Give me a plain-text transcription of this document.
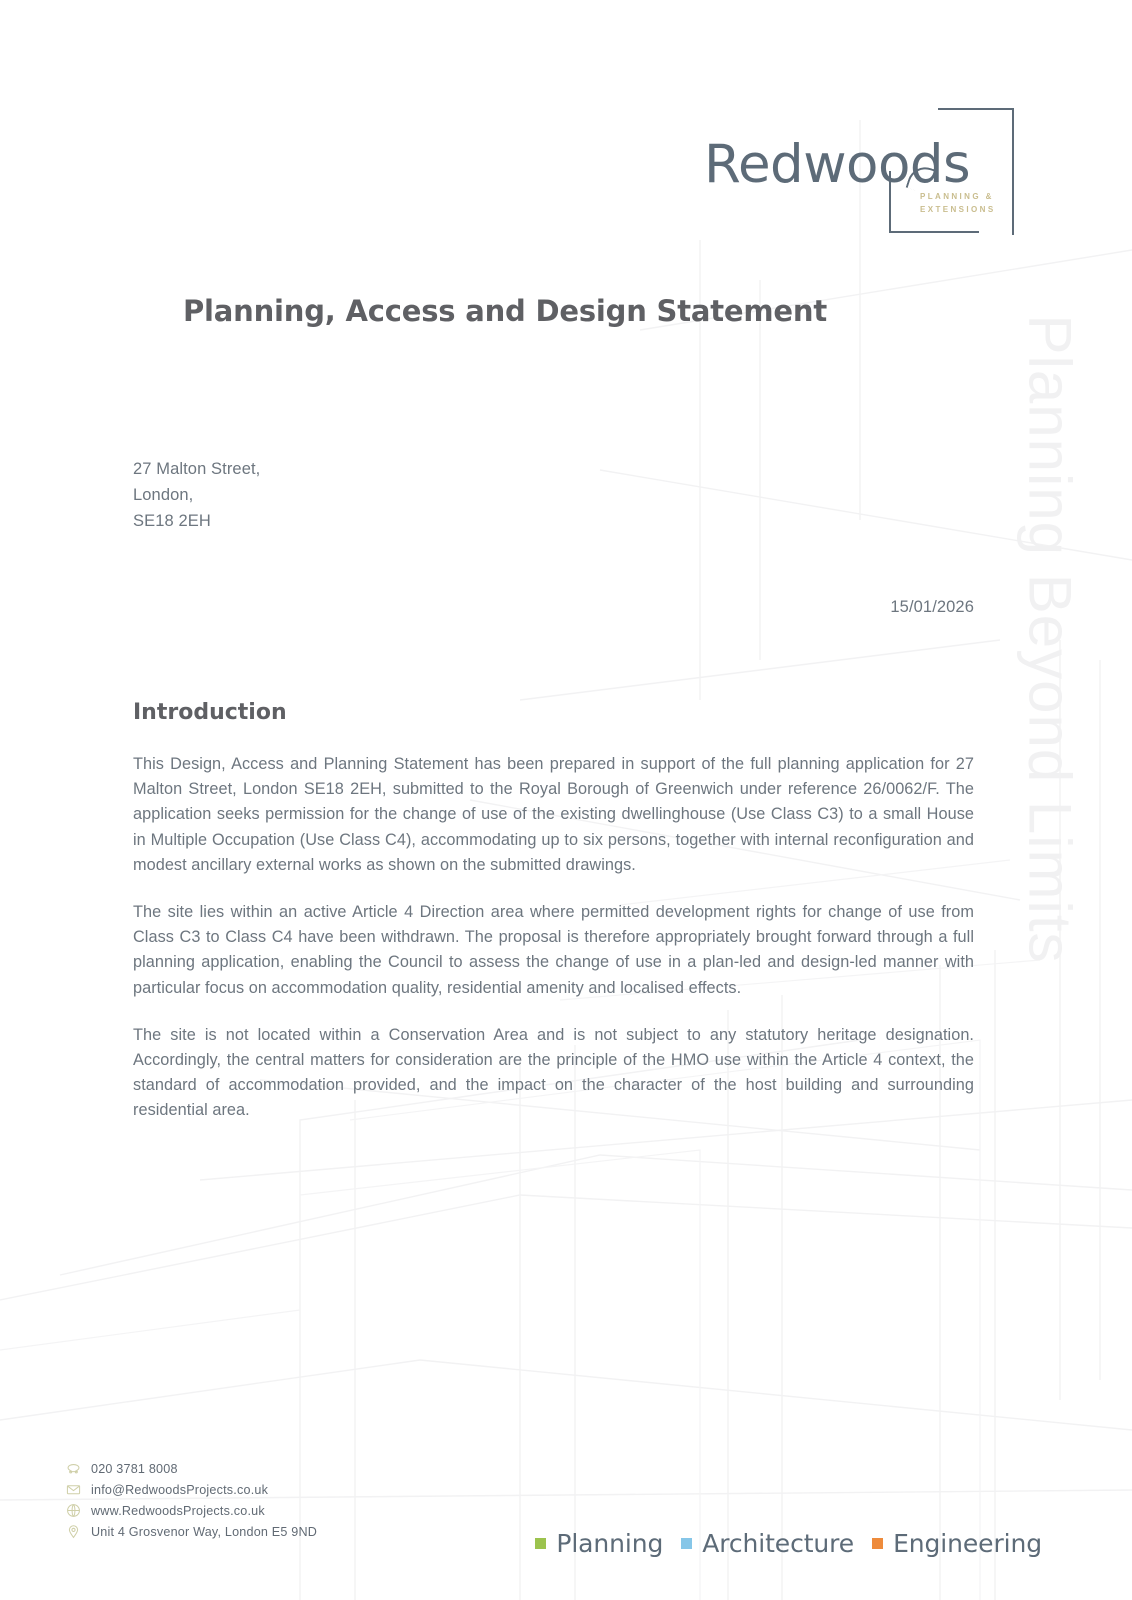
Planning Beyond Limits
Redwoods
PLANNING &
EXTENSIONS
Planning, Access and Design Statement
27 Malton Street,
London,
SE18 2EH
15/01/2026
Introduction

This Design, Access and Planning Statement has been prepared in support of the full planning application for 27 Malton Street, London SE18 2EH, submitted to the Royal Borough of Greenwich under reference 26/0062/F. The application seeks permission for the change of use of the existing dwellinghouse (Use Class C3) to a small House in Multiple Occupation (Use Class C4), accommodating up to six persons, together with internal reconfiguration and modest ancillary external works as shown on the submitted drawings.

The site lies within an active Article 4 Direction area where permitted development rights for change of use from Class C3 to Class C4 have been withdrawn. The proposal is therefore appropriately brought forward through a full planning application, enabling the Council to assess the change of use in a plan-led and design-led manner with particular focus on accommodation quality, residential amenity and localised effects.

The site is not located within a Conservation Area and is not subject to any statutory heritage designation. Accordingly, the central matters for consideration are the principle of the HMO use within the Article 4 context, the standard of accommodation provided, and the impact on the character of the host building and surrounding residential area.

020 3781 8008
info@RedwoodsProjects.co.uk
www.RedwoodsProjects.co.uk
Unit 4 Grosvenor Way, London E5 9ND	Planning Architecture Engineering
